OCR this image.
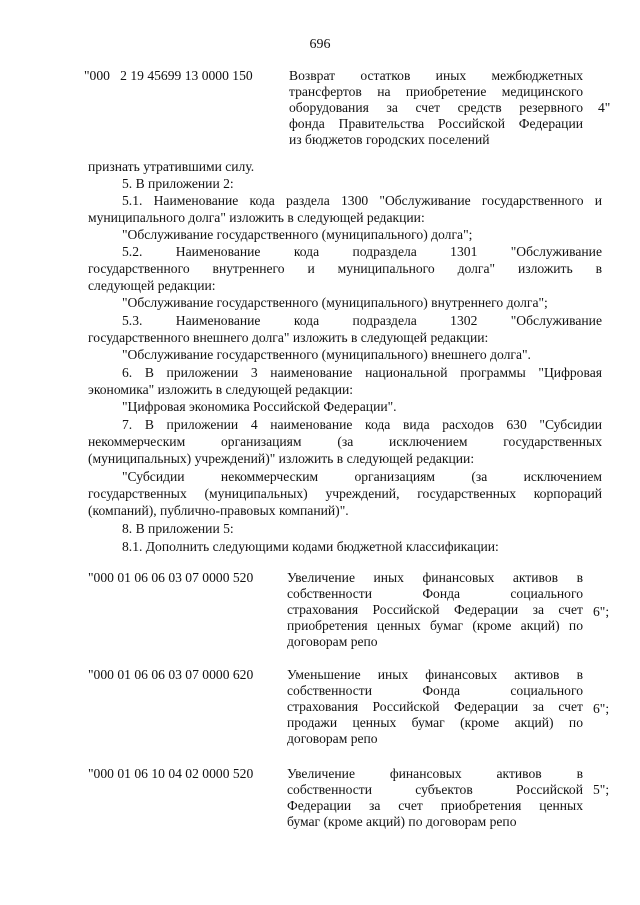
696
"000   2 19 45699 13 0000 150	Возврат остатков иных межбюджетных
трансфертов на приобретение медицинского
оборудования за счет средств резервного
фонда Правительства Российской Федерации
из бюджетов городских поселений
4"
признать утратившими силу.
5. В приложении 2:
5.1. Наименование кода раздела 1300 "Обслуживание государственного и
муниципального долга" изложить в следующей редакции:
"Обслуживание государственного (муниципального) долга";
5.2. Наименование кода подраздела 1301 "Обслуживание
государственного внутреннего и муниципального долга" изложить в
следующей редакции:
"Обслуживание государственного (муниципального) внутреннего долга";
5.3. Наименование кода подраздела 1302 "Обслуживание
государственного внешнего долга" изложить в следующей редакции:
"Обслуживание государственного (муниципального) внешнего долга".
6. В приложении 3 наименование национальной программы "Цифровая
экономика" изложить в следующей редакции:
"Цифровая экономика Российской Федерации".
7. В приложении 4 наименование кода вида расходов 630 "Субсидии
некоммерческим организациям (за исключением государственных
(муниципальных) учреждений)" изложить в следующей редакции:
"Субсидии некоммерческим организациям (за исключением
государственных (муниципальных) учреждений, государственных корпораций
(компаний), публично-правовых компаний)".
8. В приложении 5:
8.1. Дополнить следующими кодами бюджетной классификации:
"000 01 06 06 03 07 0000 520 Увеличение иных финансовых активов в
собственности Фонда социального
страхования Российской Федерации за счет
приобретения ценных бумаг (кроме акций) по
договорам репо
6";
"000 01 06 06 03 07 0000 620 Уменьшение иных финансовых активов в
собственности Фонда социального
страхования Российской Федерации за счет
продажи ценных бумаг (кроме акций) по
договорам репо
6";
"000 01 06 10 04 02 0000 520 Увеличение финансовых активов в
собственности субъектов Российской
Федерации за счет приобретения ценных
бумаг (кроме акций) по договорам репо
5";
